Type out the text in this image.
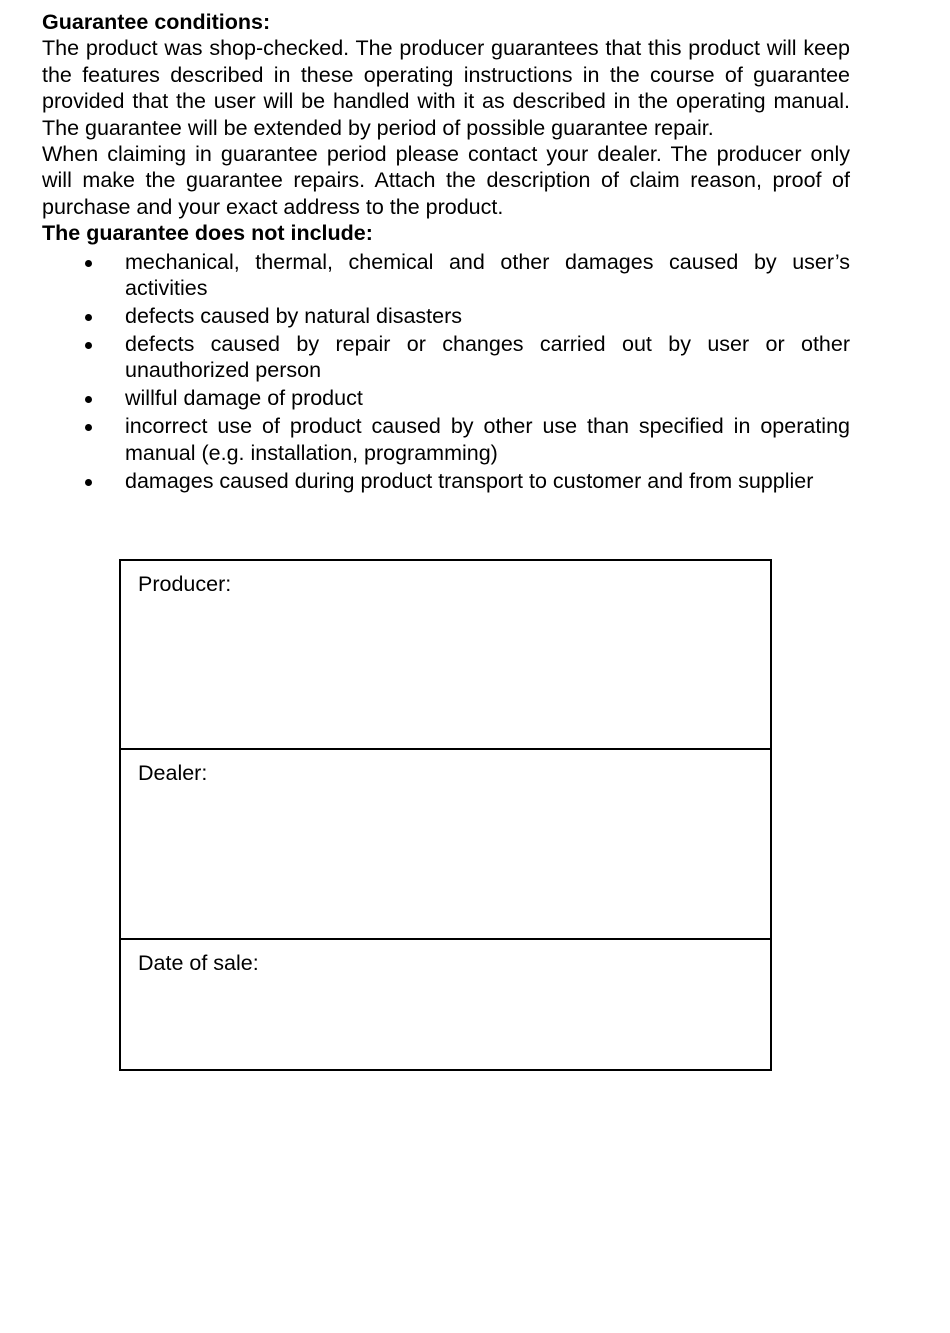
Guarantee conditions:

The product was shop-checked. The producer guarantees that this product will keep the features described in these operating instructions in the course of guarantee provided that the user will be handled with it as described in the operating manual. The guarantee will be extended by period of possible guarantee repair.

When claiming in guarantee period please contact your dealer. The producer only will make the guarantee repairs. Attach the description of claim reason, proof of purchase and your exact address to the product.

The guarantee does not include:

mechanical, thermal, chemical and other damages caused by user’s activities
defects caused by natural disasters
defects caused by repair or changes carried out by user or other unauthorized person
willful damage of product
incorrect use of product caused by other use than specified in operating manual (e.g. installation, programming)
damages caused during product transport to customer and from supplier
Producer:
Dealer:
Date of sale:
